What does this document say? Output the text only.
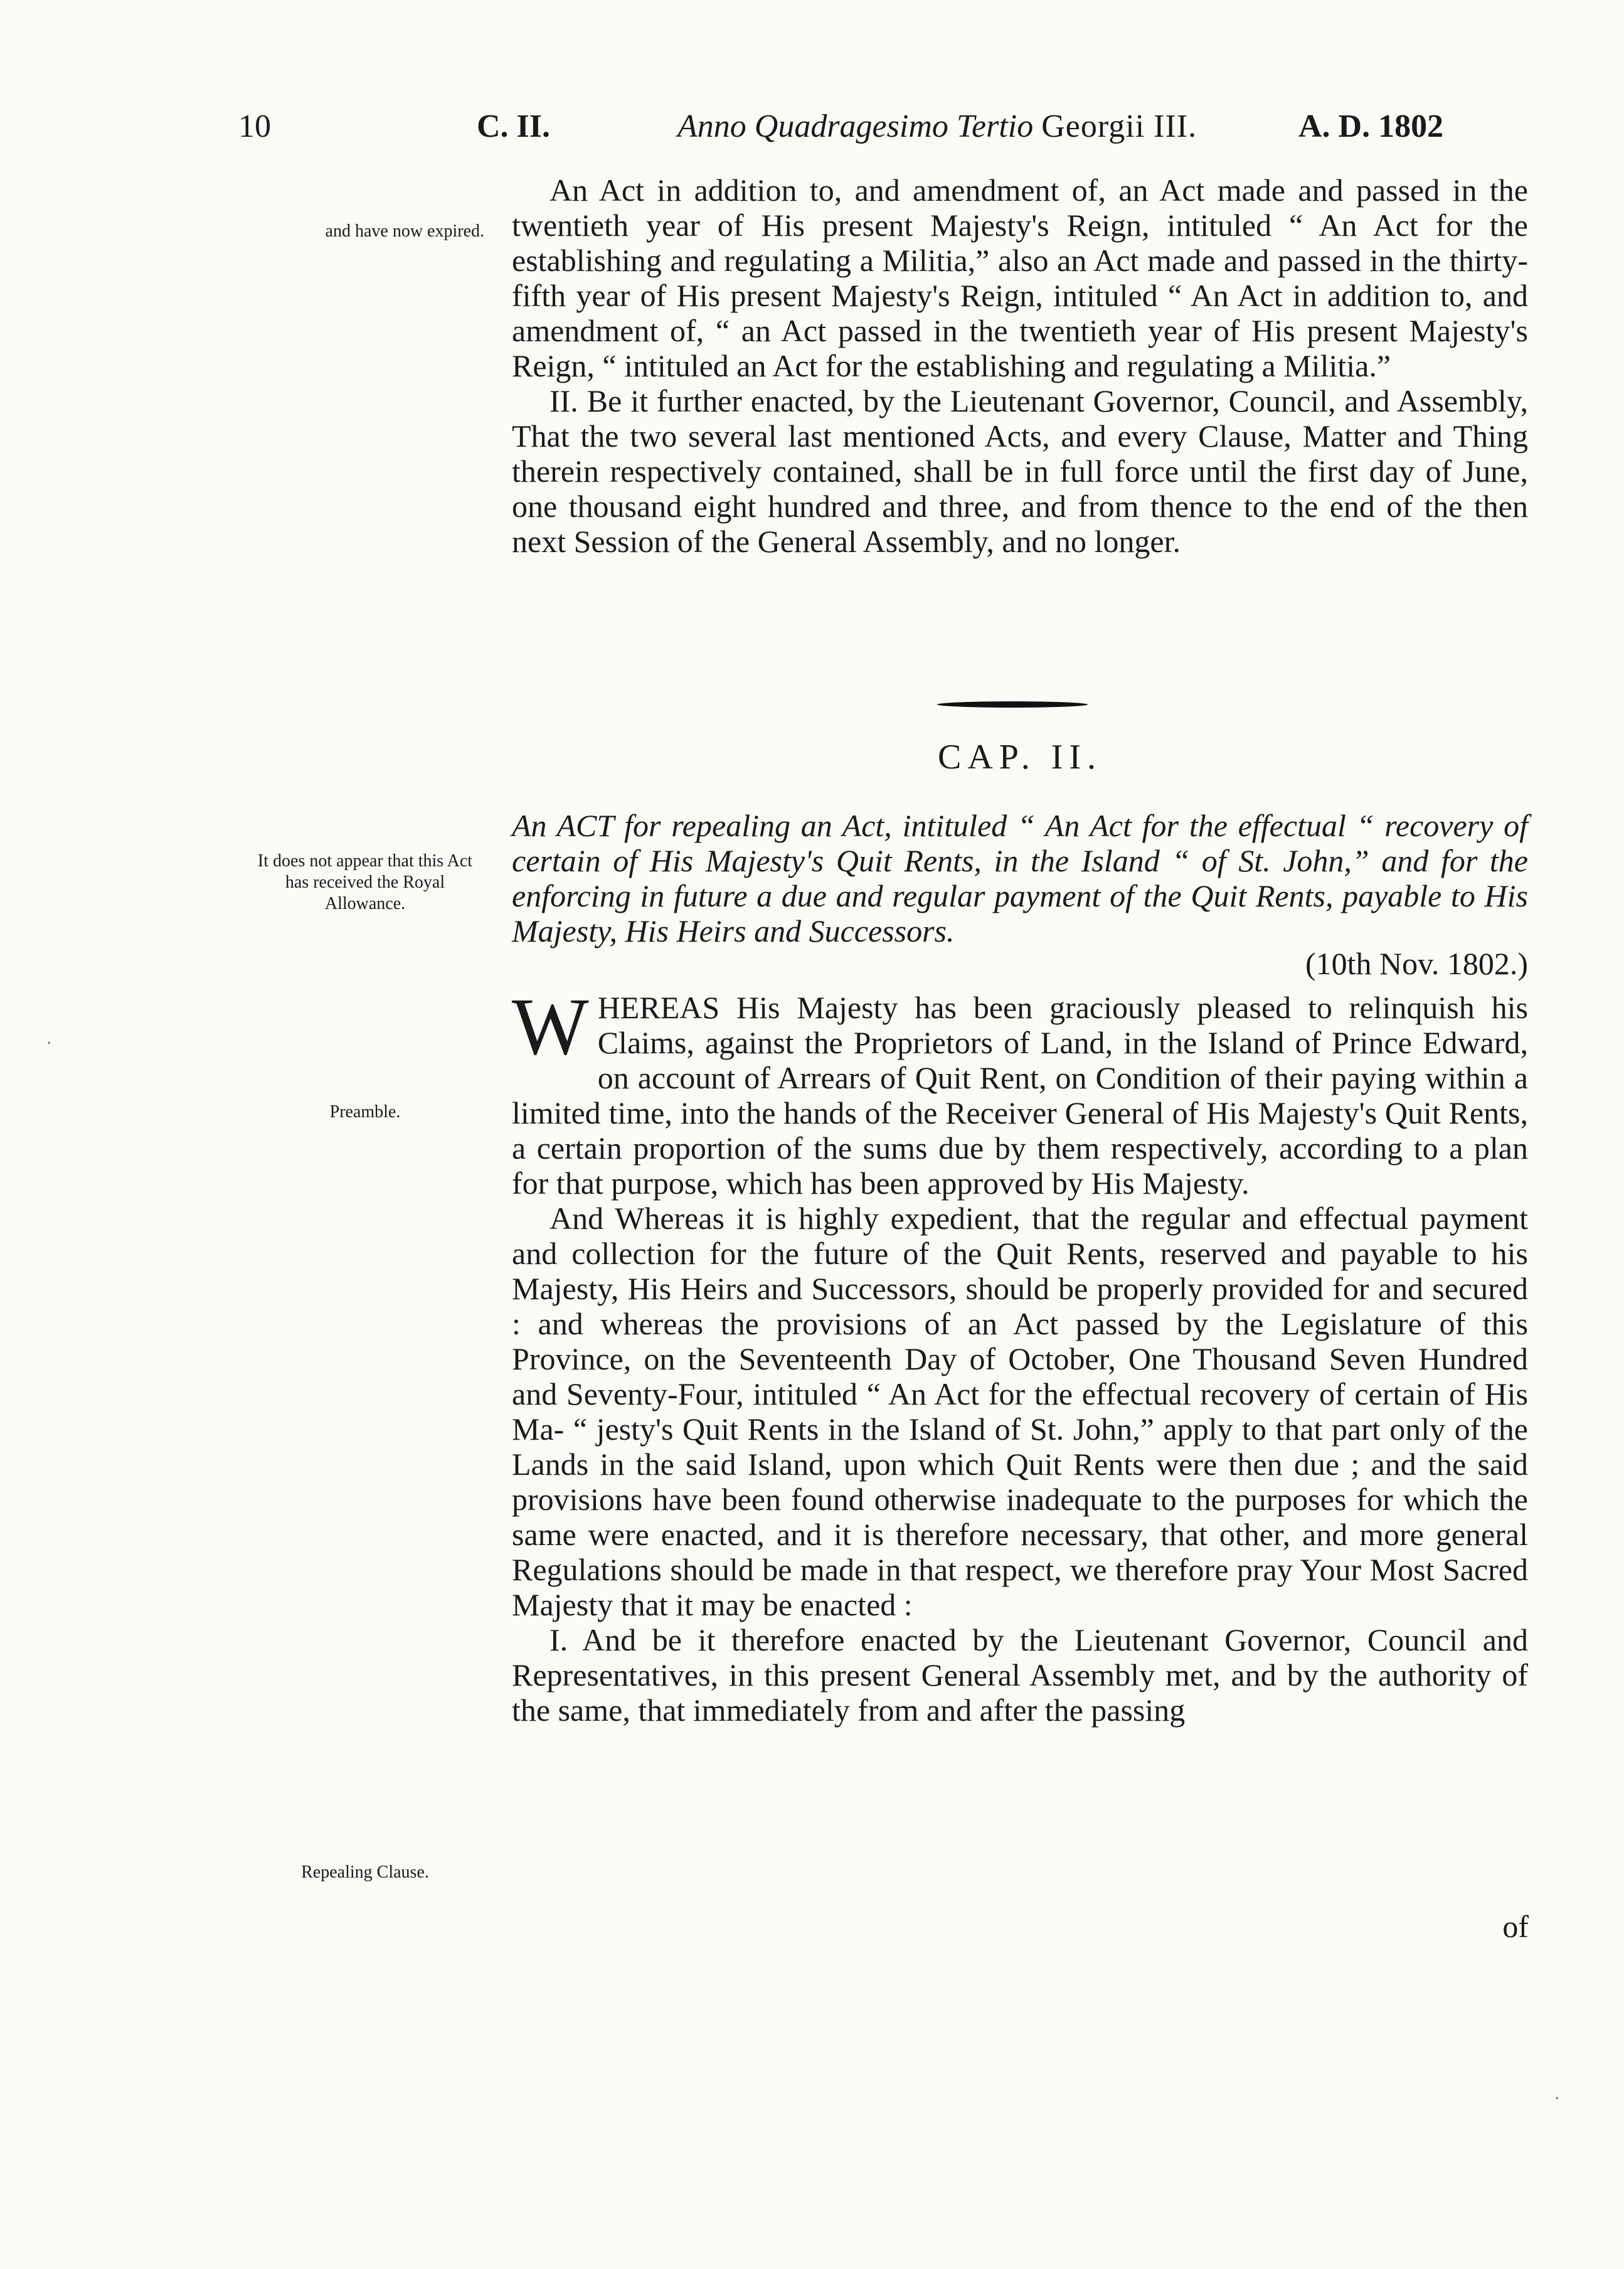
10	C. II.	Anno Quadragesimo Tertio Georgii III.	A. D. 1802
and have now expired.

An Act in addition to, and amendment of, an Act made and passed in the twentieth year of His present Majesty's Reign, intituled “ An Act for the establishing and regulating a Militia,” also an Act made and passed in the thirty-fifth year of His present Majesty's Reign, intituled “ An Act in addition to, and amendment of, “ an Act passed in the twentieth year of His present Majesty's Reign, “ intituled an Act for the establishing and regulating a Militia.”

II. Be it further enacted, by the Lieutenant Governor, Council, and Assembly, That the two several last mentioned Acts, and every Clause, Matter and Thing therein respectively contained, shall be in full force until the first day of June, one thousand eight hundred and three, and from thence to the end of the then next Session of the General Assembly, and no longer.

CAP. II.
It does not appear that this Act has received the Royal Allowance.

An ACT for repealing an Act, intituled “ An Act for the effectual “ recovery of certain of His Majesty's Quit Rents, in the Island “ of St. John,” and for the enforcing in future a due and regular payment of the Quit Rents, payable to His Majesty, His Heirs and Successors.

(10th Nov. 1802.)

WHEREAS His Majesty has been graciously pleased to relinquish his Claims, against the Proprietors of Land, in the Island of Prince Edward, on account of Arrears of Quit Rent, on Condition of their paying within a limited time, into the hands of the Receiver General of His Majesty's Quit Rents, a certain proportion of the sums due by them respectively, according to a plan for that purpose, which has been approved by His Majesty.

And Whereas it is highly expedient, that the regular and effectual payment and collection for the future of the Quit Rents, reserved and payable to his Majesty, His Heirs and Successors, should be properly provided for and secured : and whereas the provisions of an Act passed by the Legislature of this Province, on the Seventeenth Day of October, One Thousand Seven Hundred and Seventy-Four, intituled “ An Act for the effectual recovery of certain of His Ma- “ jesty's Quit Rents in the Island of St. John,” apply to that part only of the Lands in the said Island, upon which Quit Rents were then due ; and the said provisions have been found otherwise inadequate to the purposes for which the same were enacted, and it is therefore necessary, that other, and more general Regulations should be made in that respect, we therefore pray Your Most Sacred Majesty that it may be enacted :

I. And be it therefore enacted by the Lieutenant Governor, Council and Representatives, in this present General Assembly met, and by the authority of the same, that immediately from and after the passing

Preamble.
Repealing Clause.
of
·
·
